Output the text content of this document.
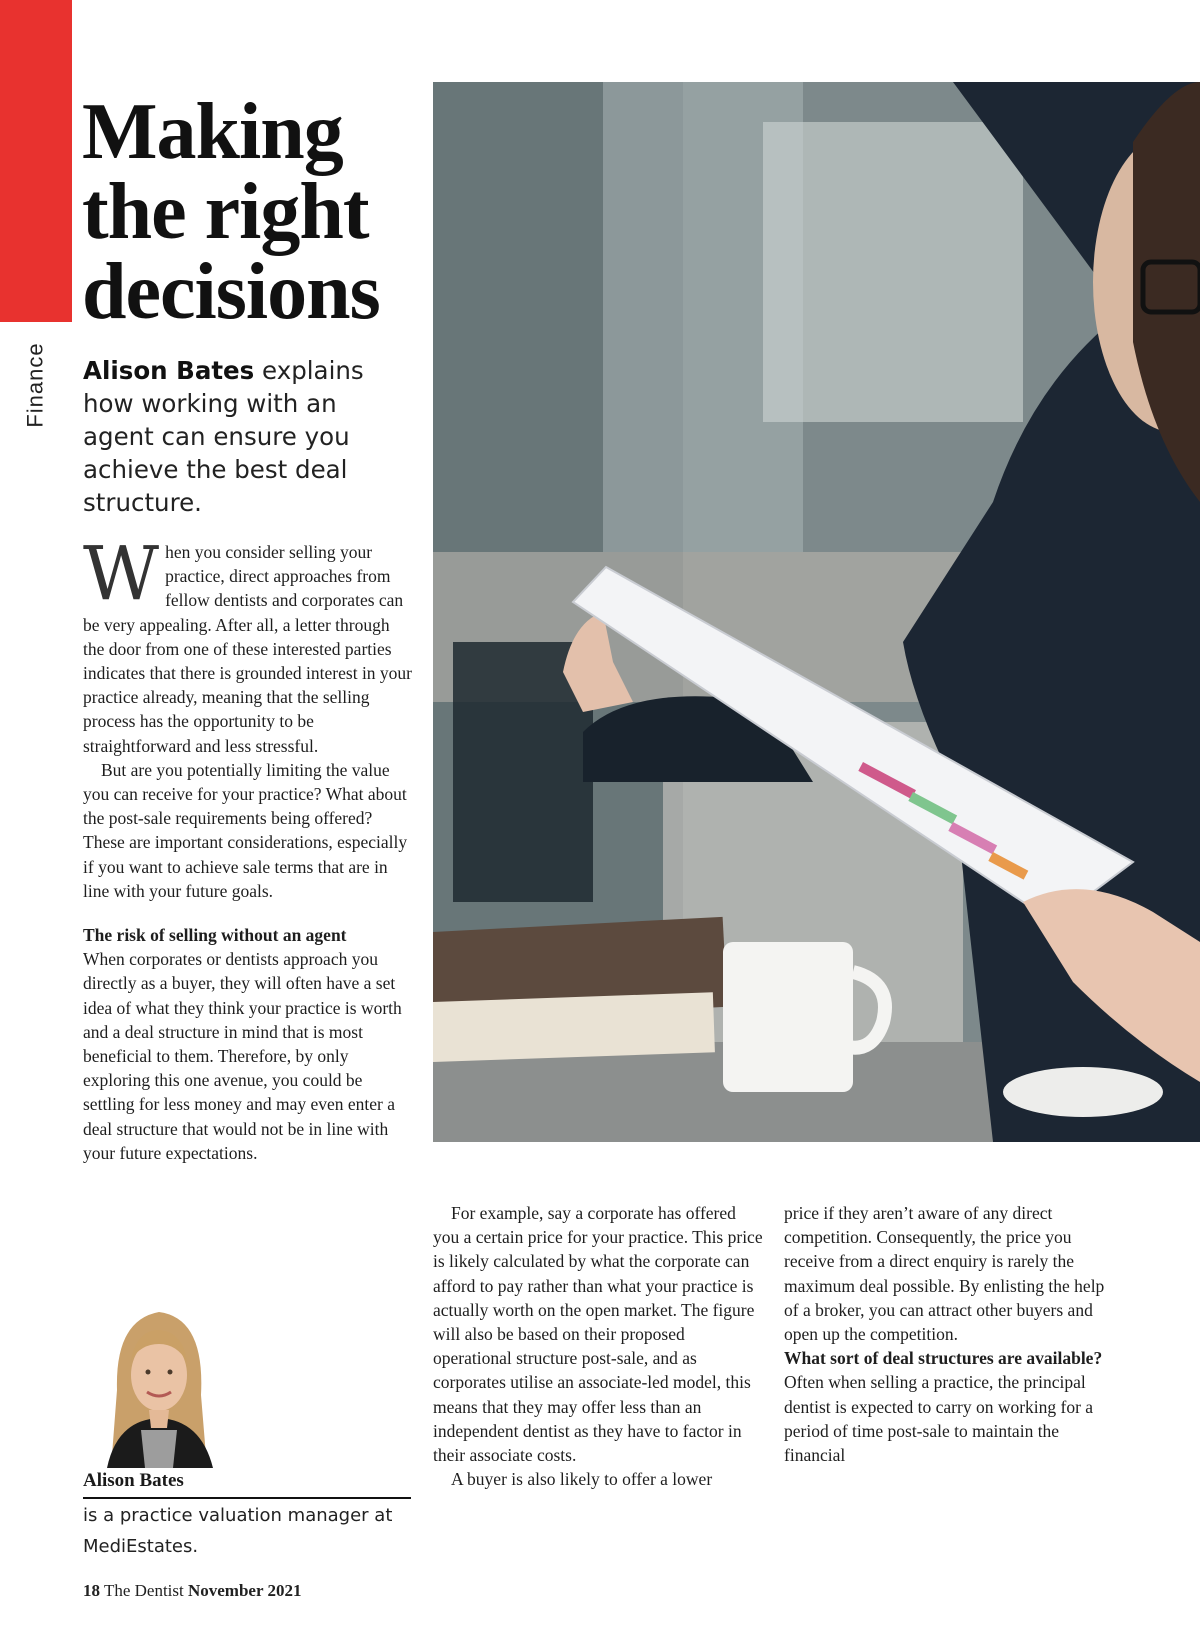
Finance
Making the right decisions

Alison Bates explains how working with an agent can ensure you achieve the best deal structure.

When you consider selling your practice, direct approaches from fellow dentists and corporates can be very appealing. After all, a letter through the door from one of these interested parties indicates that there is grounded interest in your practice already, meaning that the selling process has the opportunity to be straightforward and less stressful.

But are you potentially limiting the value you can receive for your practice? What about the post-sale requirements being offered? These are important considerations, especially if you want to achieve sale terms that are in line with your future goals.

The risk of selling without an agent

When corporates or dentists approach you directly as a buyer, they will often have a set idea of what they think your practice is worth and a deal structure in mind that is most beneficial to them. Therefore, by only exploring this one avenue, you could be settling for less money and may even enter a deal structure that would not be in line with your future expectations.

For example, say a corporate has offered you a certain price for your practice. This price is likely calculated by what the corporate can afford to pay rather than what your practice is actually worth on the open market. The figure will also be based on their proposed operational structure post-sale, and as corporates utilise an associate-led model, this means that they may offer less than an independent dentist as they have to factor in their associate costs.

A buyer is also likely to offer a lower

price if they aren’t aware of any direct competition. Consequently, the price you receive from a direct enquiry is rarely the maximum deal possible. By enlisting the help of a broker, you can attract other buyers and open up the competition.

What sort of deal structures are available?

Often when selling a practice, the principal dentist is expected to carry on working for a period of time post-sale to maintain the financial

Alison Bates

is a practice valuation manager at MediEstates.

18 The Dentist November 2021
